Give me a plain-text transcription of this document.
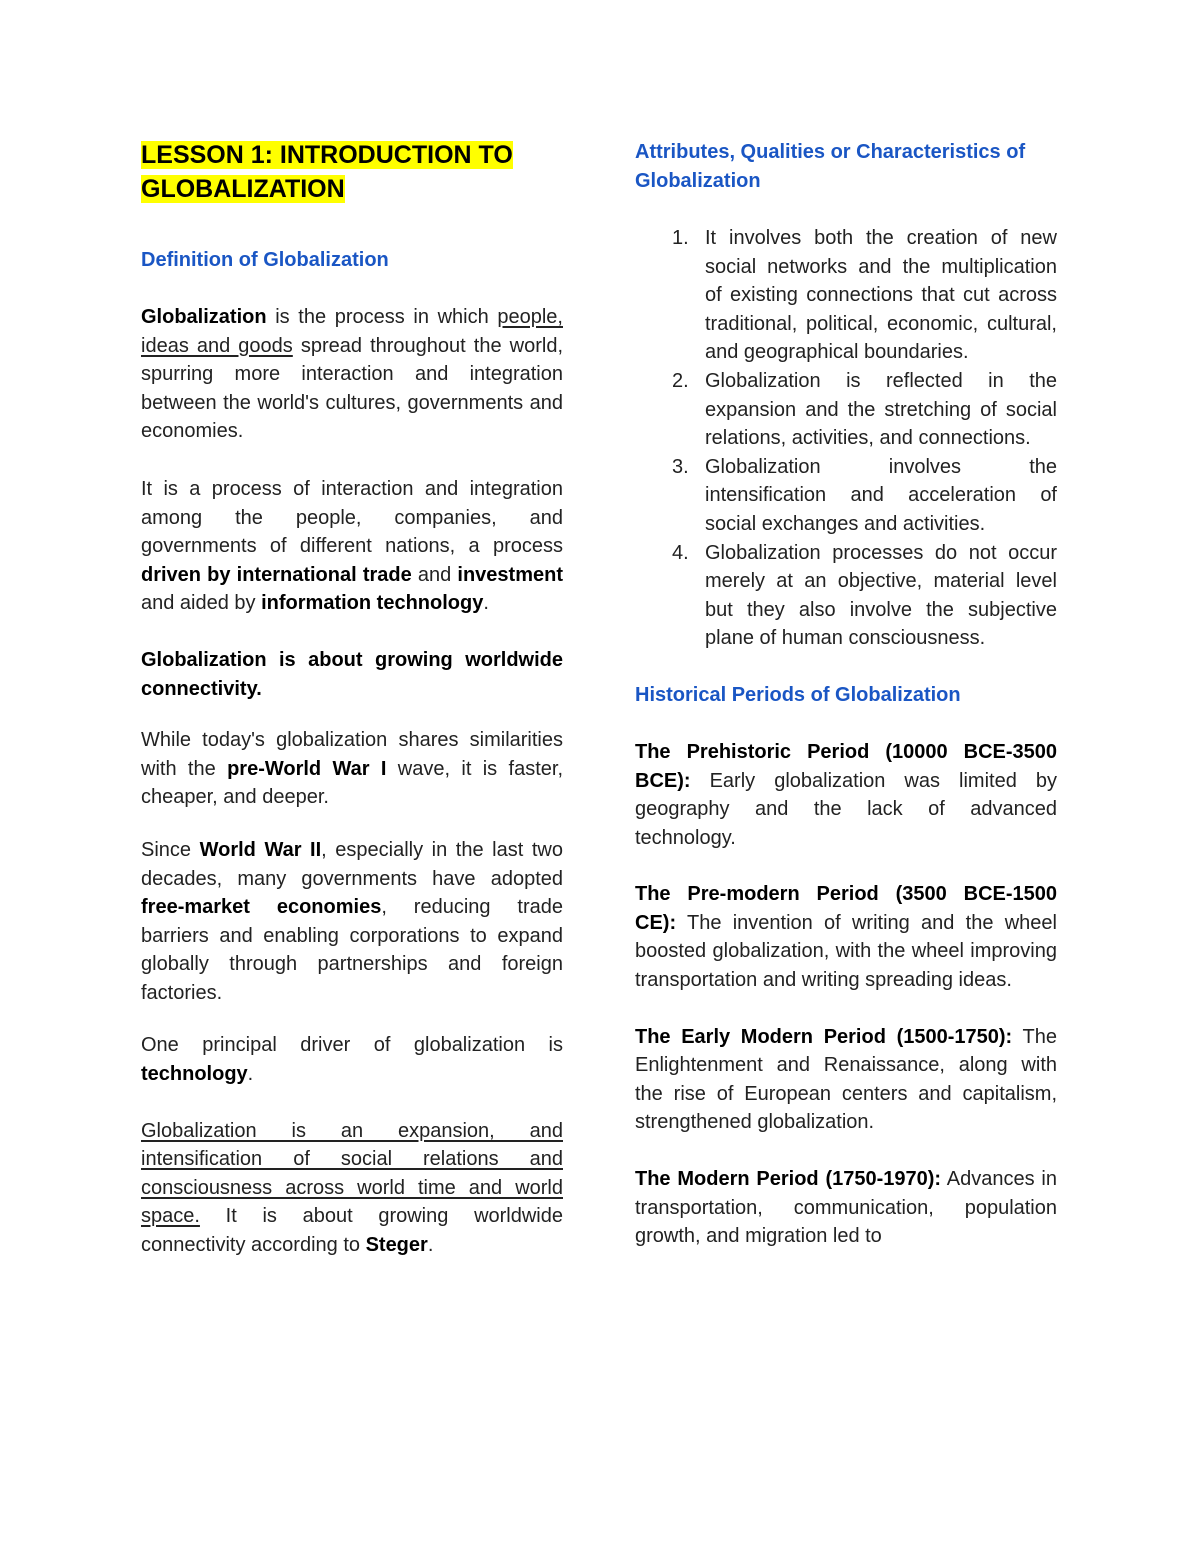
LESSON 1: INTRODUCTION TO
GLOBALIZATION
Definition of Globalization

Globalization is the process in which people, ideas and goods spread throughout the world, spurring more interaction and integration between the world's cultures, governments and economies.

It is a process of interaction and integration among the people, companies, and governments of different nations, a process driven by international trade and investment and aided by information technology.

Globalization is about growing worldwide connectivity.

While today's globalization shares similarities with the pre-World War I wave, it is faster, cheaper, and deeper.

Since World War II, especially in the last two decades, many governments have adopted free-market economies, reducing trade barriers and enabling corporations to expand globally through partnerships and foreign factories.

One principal driver of globalization is technology.

Globalization is an expansion, and intensification of social relations and consciousness across world time and world space. It is about growing worldwide connectivity according to Steger.

Attributes, Qualities or Characteristics of Globalization
1. It involves both the creation of new social networks and the multiplication of existing connections that cut across traditional, political, economic, cultural, and geographical boundaries.
2. Globalization is reflected in the expansion and the stretching of social relations, activities, and connections.
3. Globalization involves the intensification and acceleration of social exchanges and activities.
4. Globalization processes do not occur merely at an objective, material level but they also involve the subjective plane of human consciousness.
Historical Periods of Globalization

The Prehistoric Period (10000 BCE-3500 BCE): Early globalization was limited by geography and the lack of advanced technology.

The Pre-modern Period (3500 BCE-1500 CE): The invention of writing and the wheel boosted globalization, with the wheel improving transportation and writing spreading ideas.

The Early Modern Period (1500-1750): The Enlightenment and Renaissance, along with the rise of European centers and capitalism, strengthened globalization.

The Modern Period (1750-1970): Advances in transportation, communication, population growth, and migration led to
